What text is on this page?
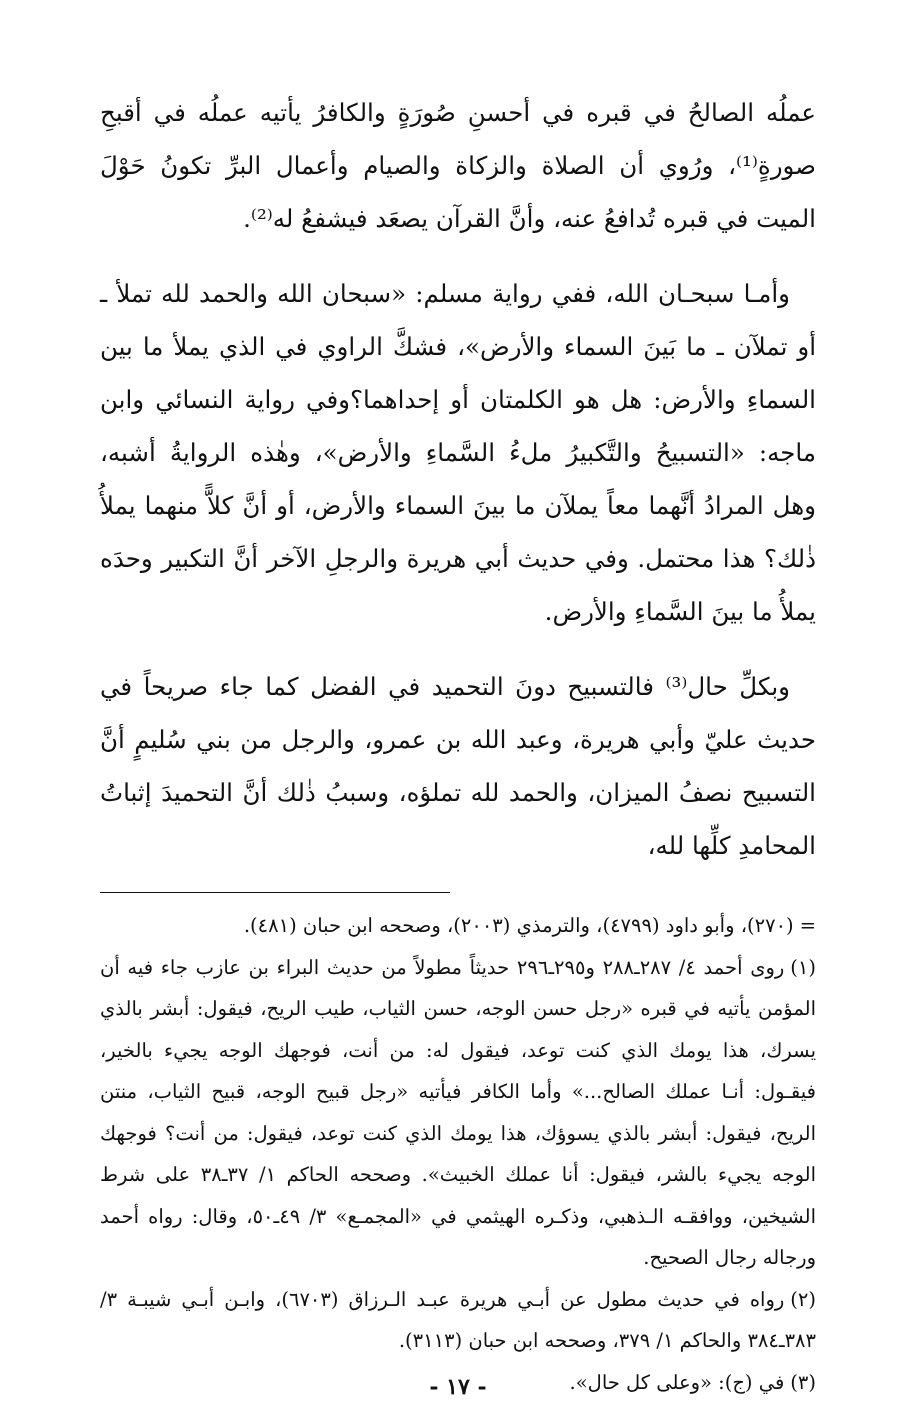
عملُه الصالحُ في قبره في أحسنِ صُورَةٍ والكافرُ يأتيه عملُه في أقبحِ صورةٍ⁽¹⁾، ورُوي أن الصلاة والزكاة والصيام وأعمال البرِّ تكونُ حَوْلَ الميت في قبره تُدافعُ عنه، وأنَّ القرآن يصعَد فيشفعُ له⁽²⁾.

وأمـا سبحـان الله، ففي رواية مسلم: «سبحان الله والحمد لله تملأ ـ أو تملآن ـ ما بَينَ السماء والأرض»، فشكَّ الراوي في الذي يملأ ما بين السماءِ والأرض: هل هو الكلمتان أو إحداهما؟وفي رواية النسائي وابن ماجه: «التسبيحُ والتَّكبيرُ ملءُ السَّماءِ والأرض»، وهٰذه الروايةُ أشبه، وهل المرادُ أنَّهما معاً يملآن ما بينَ السماء والأرض، أو أنَّ كلاًّ منهما يملأُ ذٰلك؟ هذا محتمل. وفي حديث أبي هريرة والرجلِ الآخر أنَّ التكبير وحدَه يملأُ ما بينَ السَّماءِ والأرض.

وبكلِّ حال⁽³⁾ فالتسبيح دونَ التحميد في الفضل كما جاء صريحاً في حديث عليّ وأبي هريرة، وعبد الله بن عمرو، والرجل من بني سُليمٍ أنَّ التسبيح نصفُ الميزان، والحمد لله تملؤه، وسببُ ذٰلك أنَّ التحميدَ إثباتُ المحامدِ كلِّها لله،

=(٢٧٠)، وأبو داود (٤٧٩٩)، والترمذي (٢٠٠٣)، وصححه ابن حبان (٤٨١).

(١)روى أحمد ٤/ ٢٨٧ـ٢٨٨ و٢٩٥ـ٢٩٦ حديثاً مطولاً من حديث البراء بن عازب جاء فيه أن المؤمن يأتيه في قبره «رجل حسن الوجه، حسن الثياب، طيب الريح، فيقول: أبشر بالذي يسرك، هذا يومك الذي كنت توعد، فيقول له: من أنت، فوجهك الوجه يجيء بالخير، فيقـول: أنـا عملك الصالح...» وأما الكافر فيأتيه «رجل قبيح الوجه، قبيح الثياب، منتن الريح، فيقول: أبشر بالذي يسوؤك، هذا يومك الذي كنت توعد، فيقول: من أنت؟ فوجهك الوجه يجيء بالشر، فيقول: أنا عملك الخبيث». وصححه الحاكم ١/ ٣٧ـ٣٨ على شرط الشيخين، ووافقـه الـذهبي، وذكـره الهيثمي في «المجمـع» ٣/ ٤٩ـ٥٠، وقال: رواه أحمد ورجاله رجال الصحيح.

(٢)رواه في حديث مطول عن أبـي هريرة عبـد الـرزاق (٦٧٠٣)، وابـن أبـي شيبـة ٣/ ٣٨٣ـ٣٨٤ والحاكم ١/ ٣٧٩، وصححه ابن حبان (٣١١٣).

(٣)في (ج): «وعلى كل حال».

- ١٧ -
